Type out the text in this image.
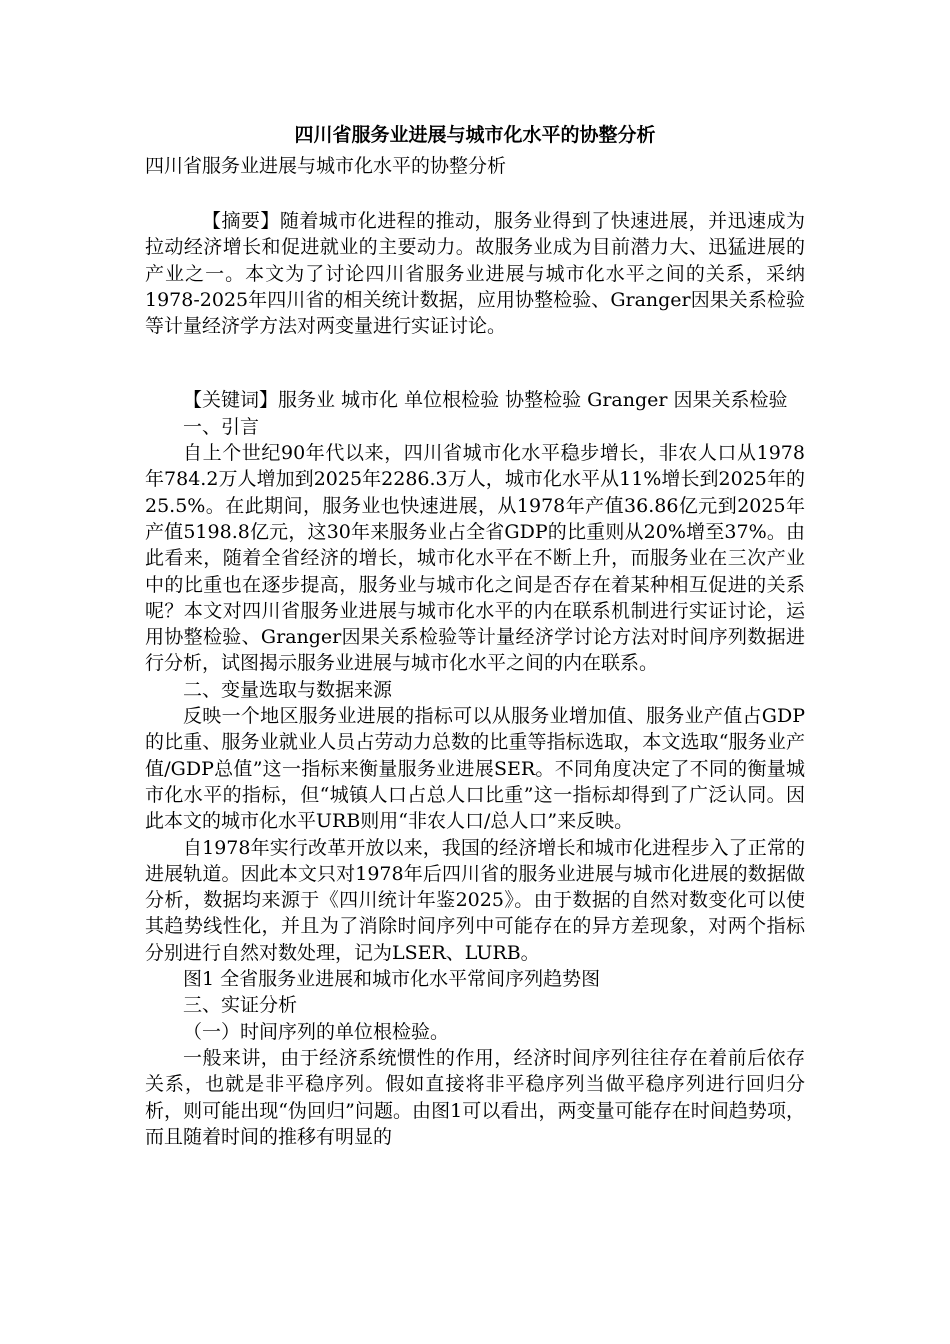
四川省服务业进展与城市化水平的协整分析

四川省服务业进展与城市化水平的协整分析

【摘要】随着城市化进程的推动，服务业得到了快速进展，并迅速成为拉动经济增长和促进就业的主要动力。故服务业成为目前潜力大、迅猛进展的产业之一。本文为了讨论四川省服务业进展与城市化水平之间的关系，采纳1978-2025年四川省的相关统计数据，应用协整检验、Granger因果关系检验等计量经济学方法对两变量进行实证讨论。

【关键词】服务业 城市化 单位根检验 协整检验 Granger 因果关系检验

一、引言

自上个世纪90年代以来，四川省城市化水平稳步增长，非农人口从1978年784.2万人增加到2025年2286.3万人，城市化水平从11%增长到2025年的25.5%。在此期间，服务业也快速进展，从1978年产值36.86亿元到2025年产值5198.8亿元，这30年来服务业占全省GDP的比重则从20%增至37%。由此看来，随着全省经济的增长，城市化水平在不断上升，而服务业在三次产业中的比重也在逐步提高，服务业与城市化之间是否存在着某种相互促进的关系呢？本文对四川省服务业进展与城市化水平的内在联系机制进行实证讨论，运用协整检验、Granger因果关系检验等计量经济学讨论方法对时间序列数据进行分析，试图揭示服务业进展与城市化水平之间的内在联系。

二、变量选取与数据来源

反映一个地区服务业进展的指标可以从服务业增加值、服务业产值占GDP的比重、服务业就业人员占劳动力总数的比重等指标选取，本文选取“服务业产值/GDP总值”这一指标来衡量服务业进展SER。不同角度决定了不同的衡量城市化水平的指标，但“城镇人口占总人口比重”这一指标却得到了广泛认同。因此本文的城市化水平URB则用“非农人口/总人口”来反映。

自1978年实行改革开放以来，我国的经济增长和城市化进程步入了正常的进展轨道。因此本文只对1978年后四川省的服务业进展与城市化进展的数据做分析，数据均来源于《四川统计年鉴2025》。由于数据的自然对数变化可以使其趋势线性化，并且为了消除时间序列中可能存在的异方差现象，对两个指标分别进行自然对数处理，记为LSER、LURB。

图1 全省服务业进展和城市化水平常间序列趋势图

三、实证分析

（一）时间序列的单位根检验。

一般来讲，由于经济系统惯性的作用，经济时间序列往往存在着前后依存关系，也就是非平稳序列。假如直接将非平稳序列当做平稳序列进行回归分析，则可能出现“伪回归”问题。由图1可以看出，两变量可能存在时间趋势项，而且随着时间的推移有明显的
